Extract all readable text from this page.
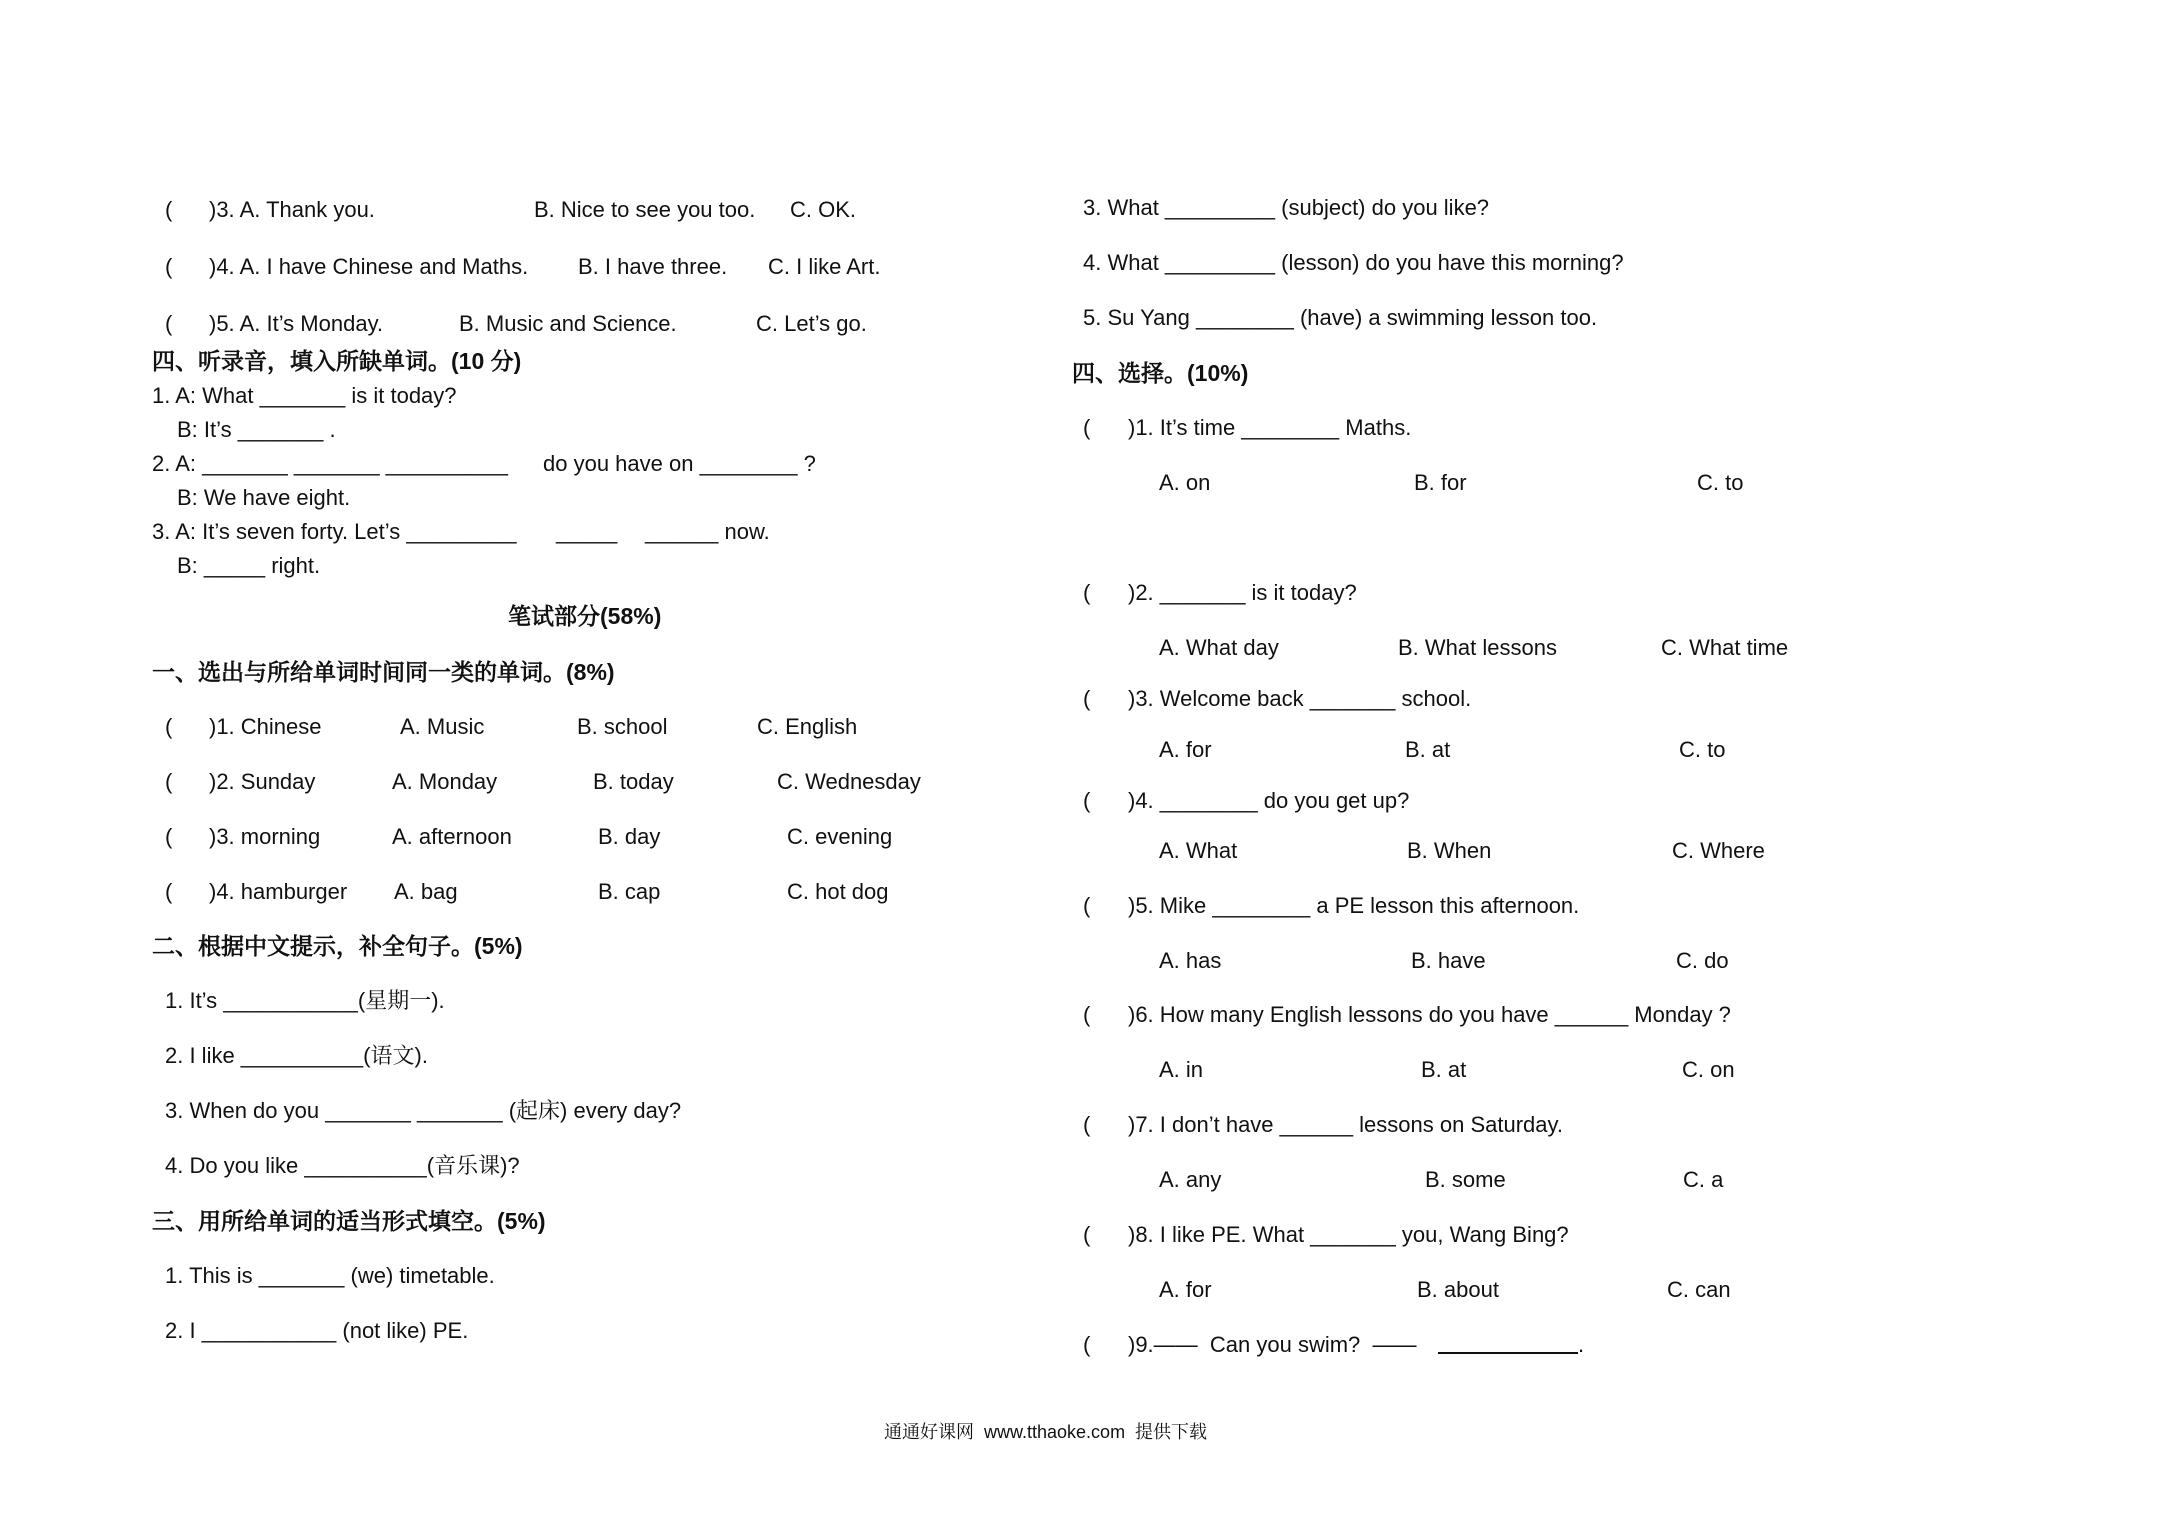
( )3. A. Thank you.	B. Nice to see you too. C. OK.
( )4. A. I have Chinese and Maths. B. I have three. C. I like Art.
( )5. A. It’s Monday.	B. Music and Science.	C. Let’s go.
四、听录音，填入所缺单词。(10 分)
1. A: What _______ is it today?
B: It’s _______ .
2. A: _______ _______ __________ do you have on ________ ?
B: We have eight.
3. A: It’s seven forty. Let’s _________ _____ ______ now.
B: _____ right.
笔试部分(58%)
一、选出与所给单词时间同一类的单词。(8%)
( )1. Chinese	A. Music	B. school	C. English
( )2. Sunday	A. Monday	B. today	C. Wednesday
( )3. morning	A. afternoon	B. day	C. evening
( )4. hamburger A. bag	B. cap	C. hot dog
二、根据中文提示，补全句子。(5%)
1. It’s ___________(星期一).
2. I like __________(语文).
3. When do you _______ _______ (起床) every day?
4. Do you like __________(音乐课)?
三、用所给单词的适当形式填空。(5%)
1. This is _______ (we) timetable.
2. I ___________ (not like) PE.
3. What _________ (subject) do you like?
4. What _________ (lesson) do you have this morning?
5. Su Yang ________ (have) a swimming lesson too.
四、选择。(10%)
( )1. It’s time ________ Maths.
A. on	B. for	C. to
( )2. _______ is it today?
A. What day	B. What lessons	C. What time
( )3. Welcome back _______ school.
A. for	B. at	C. to
( )4. ________ do you get up?
A. What	B. When	C. Where
( )5. Mike ________ a PE lesson this afternoon.
A. has	B. have	C. do
( )6. How many English lessons do you have ______ Monday ?
A. in	B. at	C. on
( )7. I don’t have ______ lessons on Saturday.
A. any	B. some	C. a
( )8. I like PE. What _______ you, Wang Bing?
A. for	B. about	C. can
( )9.——  Can you swim?  ——	.
通通好课网  www.tthaoke.com  提供下载
